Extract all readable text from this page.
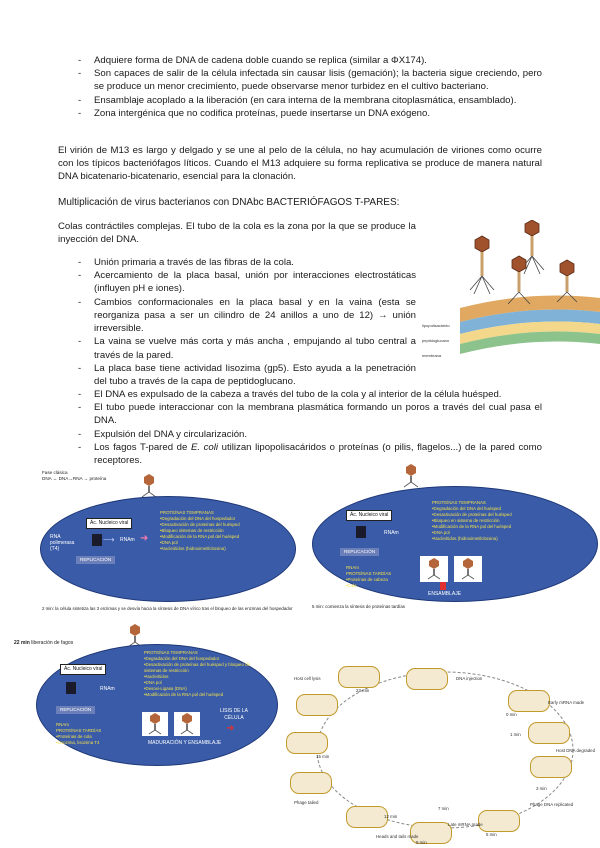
- Adquiere forma de DNA de cadena doble cuando se replica (similar a ΦX174).
- Son capaces de salir de la célula infectada sin causar lisis (gemación); la bacteria sigue creciendo, pero se produce un menor crecimiento, puede observarse menor turbidez en el cultivo bacteriano.
- Ensamblaje acoplado a la liberación (en cara interna de la membrana citoplasmática, ensamblado).
- Zona intergénica que no codifica proteínas, puede insertarse un DNA exógeno.

El virión de M13 es largo y delgado y se une al pelo de la célula, no hay acumulación de viriones como ocurre con los típicos bacteriófagos líticos. Cuando el M13 adquiere su forma replicativa se produce de manera natural DNA bicatenario-bicatenario, esencial para la clonación.

Multiplicación de virus bacterianos con DNAbc BACTERIÓFAGOS T-PARES:

Colas contráctiles complejas. El tubo de la cola es la zona por la que se produce la inyección del DNA.

- Unión primaria a través de las fibras de la cola.
- Acercamiento de la placa basal, unión por interacciones electrostáticas (influyen pH e iones).
- Cambios conformacionales en la placa basal y en la vaina (esta se reorganiza pasa a ser un cilindro de 24 anillos a uno de 12) → unión irreversible.
- La vaina se vuelve más corta y más ancha , empujando al tubo central a través de la pared.
- La placa base tiene actividad lisozima (gp5). Esto ayuda a la penetración del tubo a través de la capa de peptidoglucano.
- El DNA es expulsado de la cabeza a través del tubo de la cola y al interior de la célula huésped.
- El tubo puede interaccionar con la membrana plasmática formando un poros a través del cual pasa el DNA.
- Expulsión del DNA y circularización.
- Los fagos T-pared de E. coli utilizan lipopolisacáridos o proteínas (o pilis, flagelos...) de la pared como receptores.
lipopolisacárido
peptidoglucano
membrana
Fase clásica
DNA ↔ DNA→RNA → proteína
Ác. Nucleico viral
RNA
polimerasa
(T4)
⟶ RNAm ➜
REPLICACIÓN
PROTEÍNAS TEMPRANAS
•Degradación del DNA del hospedador
•Desactivación de proteínas del huésped
•Bloqueo sistemas de restricción
•Modificación de la RNA pol del huésped
•DNA pol
•Nucleótidos (hidroximetilcitosina)
2 min: la célula sintetiza las 3 enzimas y se desvía hacia la síntesis de DNA vírico tras el bloqueo de las enzimas del hospedador
Ác. Nucleico viral
RNAm
REPLICACIÓN
PROTEÍNAS TEMPRANAS
•Degradación del DNA del huésped
•Desactivación de proteínas del huésped
•Bloqueo en sistema de restricción
•Modificación de la RNA pol del huésped
•DNA pol
•Nucleótidos (hidroximetilcitosina)
RNAm
PROTEÍNAS TARDÍAS
•Proteínas de cabeza
•Cola
ENSAMBLAJE
5 min: comienza la síntesis de proteínas tardías
22 min liberación de fagos
Ác. Nucleico viral
RNAm
REPLICACIÓN
PROTEÍNAS TEMPRANAS
•Degradación del DNA del hospedador
•Desactivación de proteínas del huésped y bloqueo de sistemas de restricción
•Nucleótidos
•DNA pol
•Desoxi-Ligasa (DNA)
•Modificación de la RNA pol del huésped
RNAm
PROTEÍNAS TARDÍAS
•Proteínas de cola
•Lisozima, lisozima T4	MADURACIÓN Y ENSAMBLAJE
LISIS DE LA CÉLULA
➜
DNA injection
0 min
Early mRNA made
1 min
Host DNA degraded
3 min
Phage DNA replicated
5 min
Late mRNA made
7 min
Heads and tails made
9 min
12 min
Phage tailed
15 min
Host cell lysis
22 min
